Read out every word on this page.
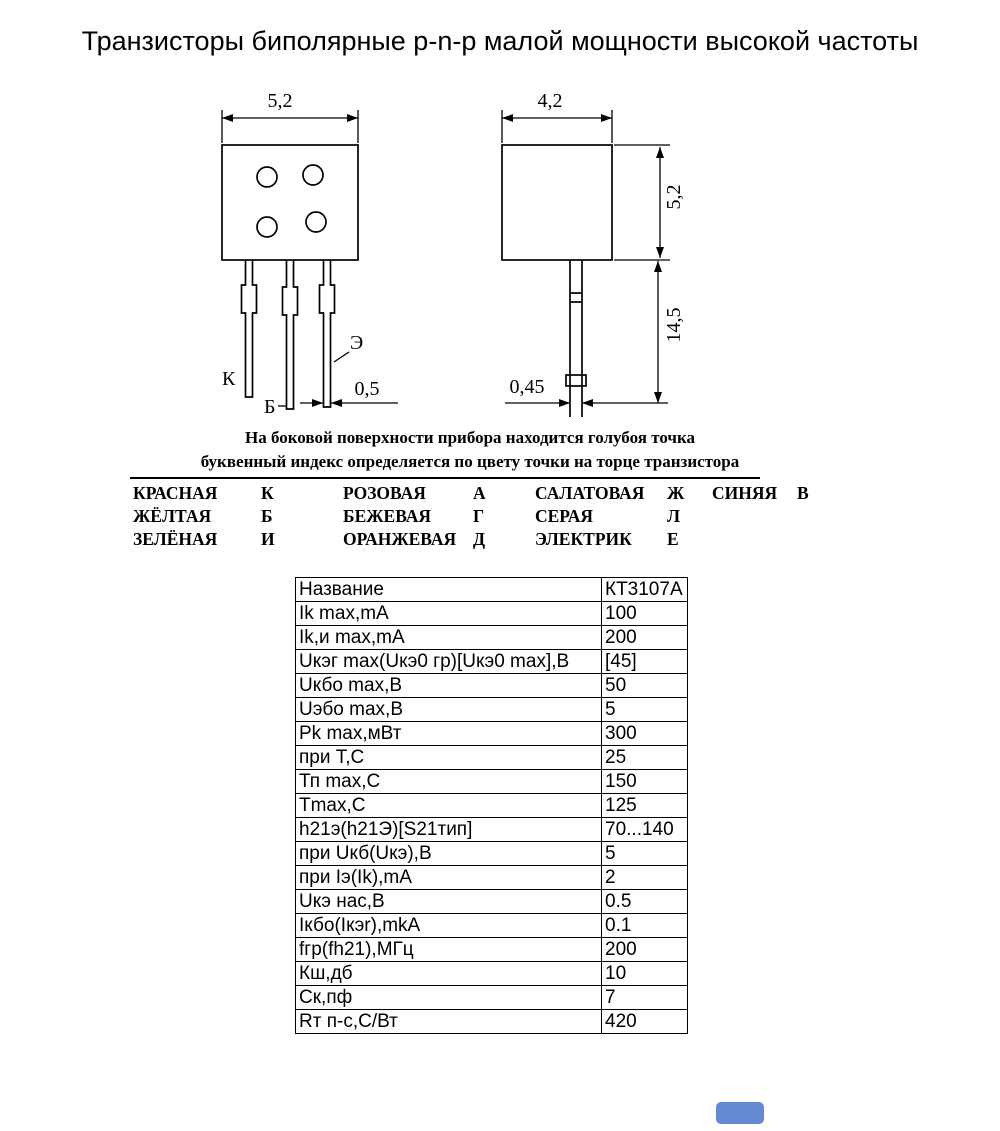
Транзисторы биполярные p-n-p малой мощности высокой частоты
5,2
0,5
К
Б
Э
4,2
5,2
14,5
0,45
На боковой поверхности прибора находится голубоя точка
буквенный индекс определяется по цвету точки на торце транзистора
КРАСНАЯ	К	РОЗОВАЯ	А	САЛАТОВАЯ	Ж	СИНЯЯ	В
ЖЁЛТАЯ	Б	БЕЖЕВАЯ	Г	СЕРАЯ	Л
ЗЕЛЁНАЯ	И	ОРАНЖЕВАЯ Д	ЭЛЕКТРИК	Е
Название	КТ3107А
Ik max,mA	100
Ik,и max,mA	200
Uкэг max(Uкэ0 гр)[Uкэ0 max],В	[45]
Uкбо max,В	50
Uэбо max,В	5
Pk max,мВт	300
при Т,С	25
Тп max,С	150
Tmax,С	125
h21э(h21Э)[S21тип]	70...140
при Uкб(Uкэ),В	5
при Iэ(Ik),mA	2
Uкэ нас,В	0.5
Iкбо(Iкэr),mkA	0.1
fгр(fh21),МГц	200
Кш,дб	10
Ск,пф	7
Rт п-с,С/Вт	420
